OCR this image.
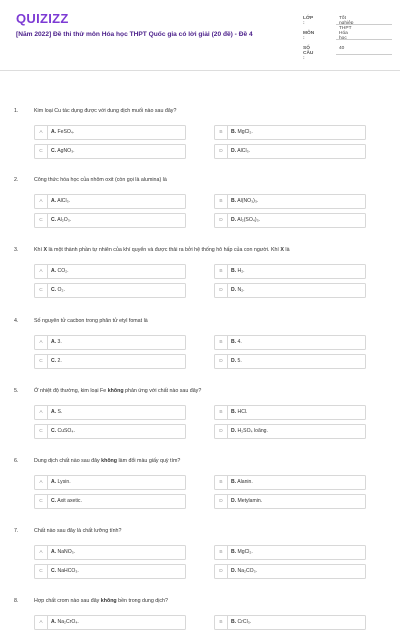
QUIZIZZ
[Năm 2022] Đề thi thử môn Hóa học THPT Quốc gia có lời giải (20 đề) - Đề 4
LỚP :
Tốt nghiệp THPT
MÔN :
Hóa học
SỐ CÂU :
40
1.	Kim loại Cu tác dụng được với dung dịch muối nào sau đây?
A	A. FeSO₄.	B	B. MgCl₂.
C	C. AgNO₃.	D	D. AlCl₃.
2.	Công thức hóa học của nhôm oxit (còn gọi là alumina) là
A	A. AlCl₃.	B	B. Al(NO₃)₃.
C	C. Al₂O₃.	D	D. Al₂(SO₄)₃.
3.	Khí X là một thành phần tự nhiên của khí quyển và được thải ra bởi hệ thống hô hấp của con người. Khí X là
A	A. CO₂.	B	B. H₂.
C	C. O₂.	D	D. N₂.
4.	Số nguyên tử cacbon trong phân tử etyl fomat là
A	A. 3.	B	B. 4.
C	C. 2.	D	D. 5.
5.	Ở nhiệt độ thường, kim loại Fe không phản ứng với chất nào sau đây?
A	A. S.	B	B. HCl.
C	C. CuSO₄.	D	D. H₂SO₄ loãng.
6.	Dung dịch chất nào sau đây không làm đổi màu giấy quỳ tím?
A	A. Lysin.	B	B. Alanin.
C	C. Axit axetic.	D	D. Metylamin.
7.	Chất nào sau đây là chất lưỡng tính?
A	A. NaNO₃.	B	B. MgCl₂.
C	C. NaHCO₃.	D	D. Na₂CO₃.
8.	Hợp chất crom nào sau đây không bền trong dung dịch?
A	A. Na₂CrO₄.	B	B. CrCl₃.
